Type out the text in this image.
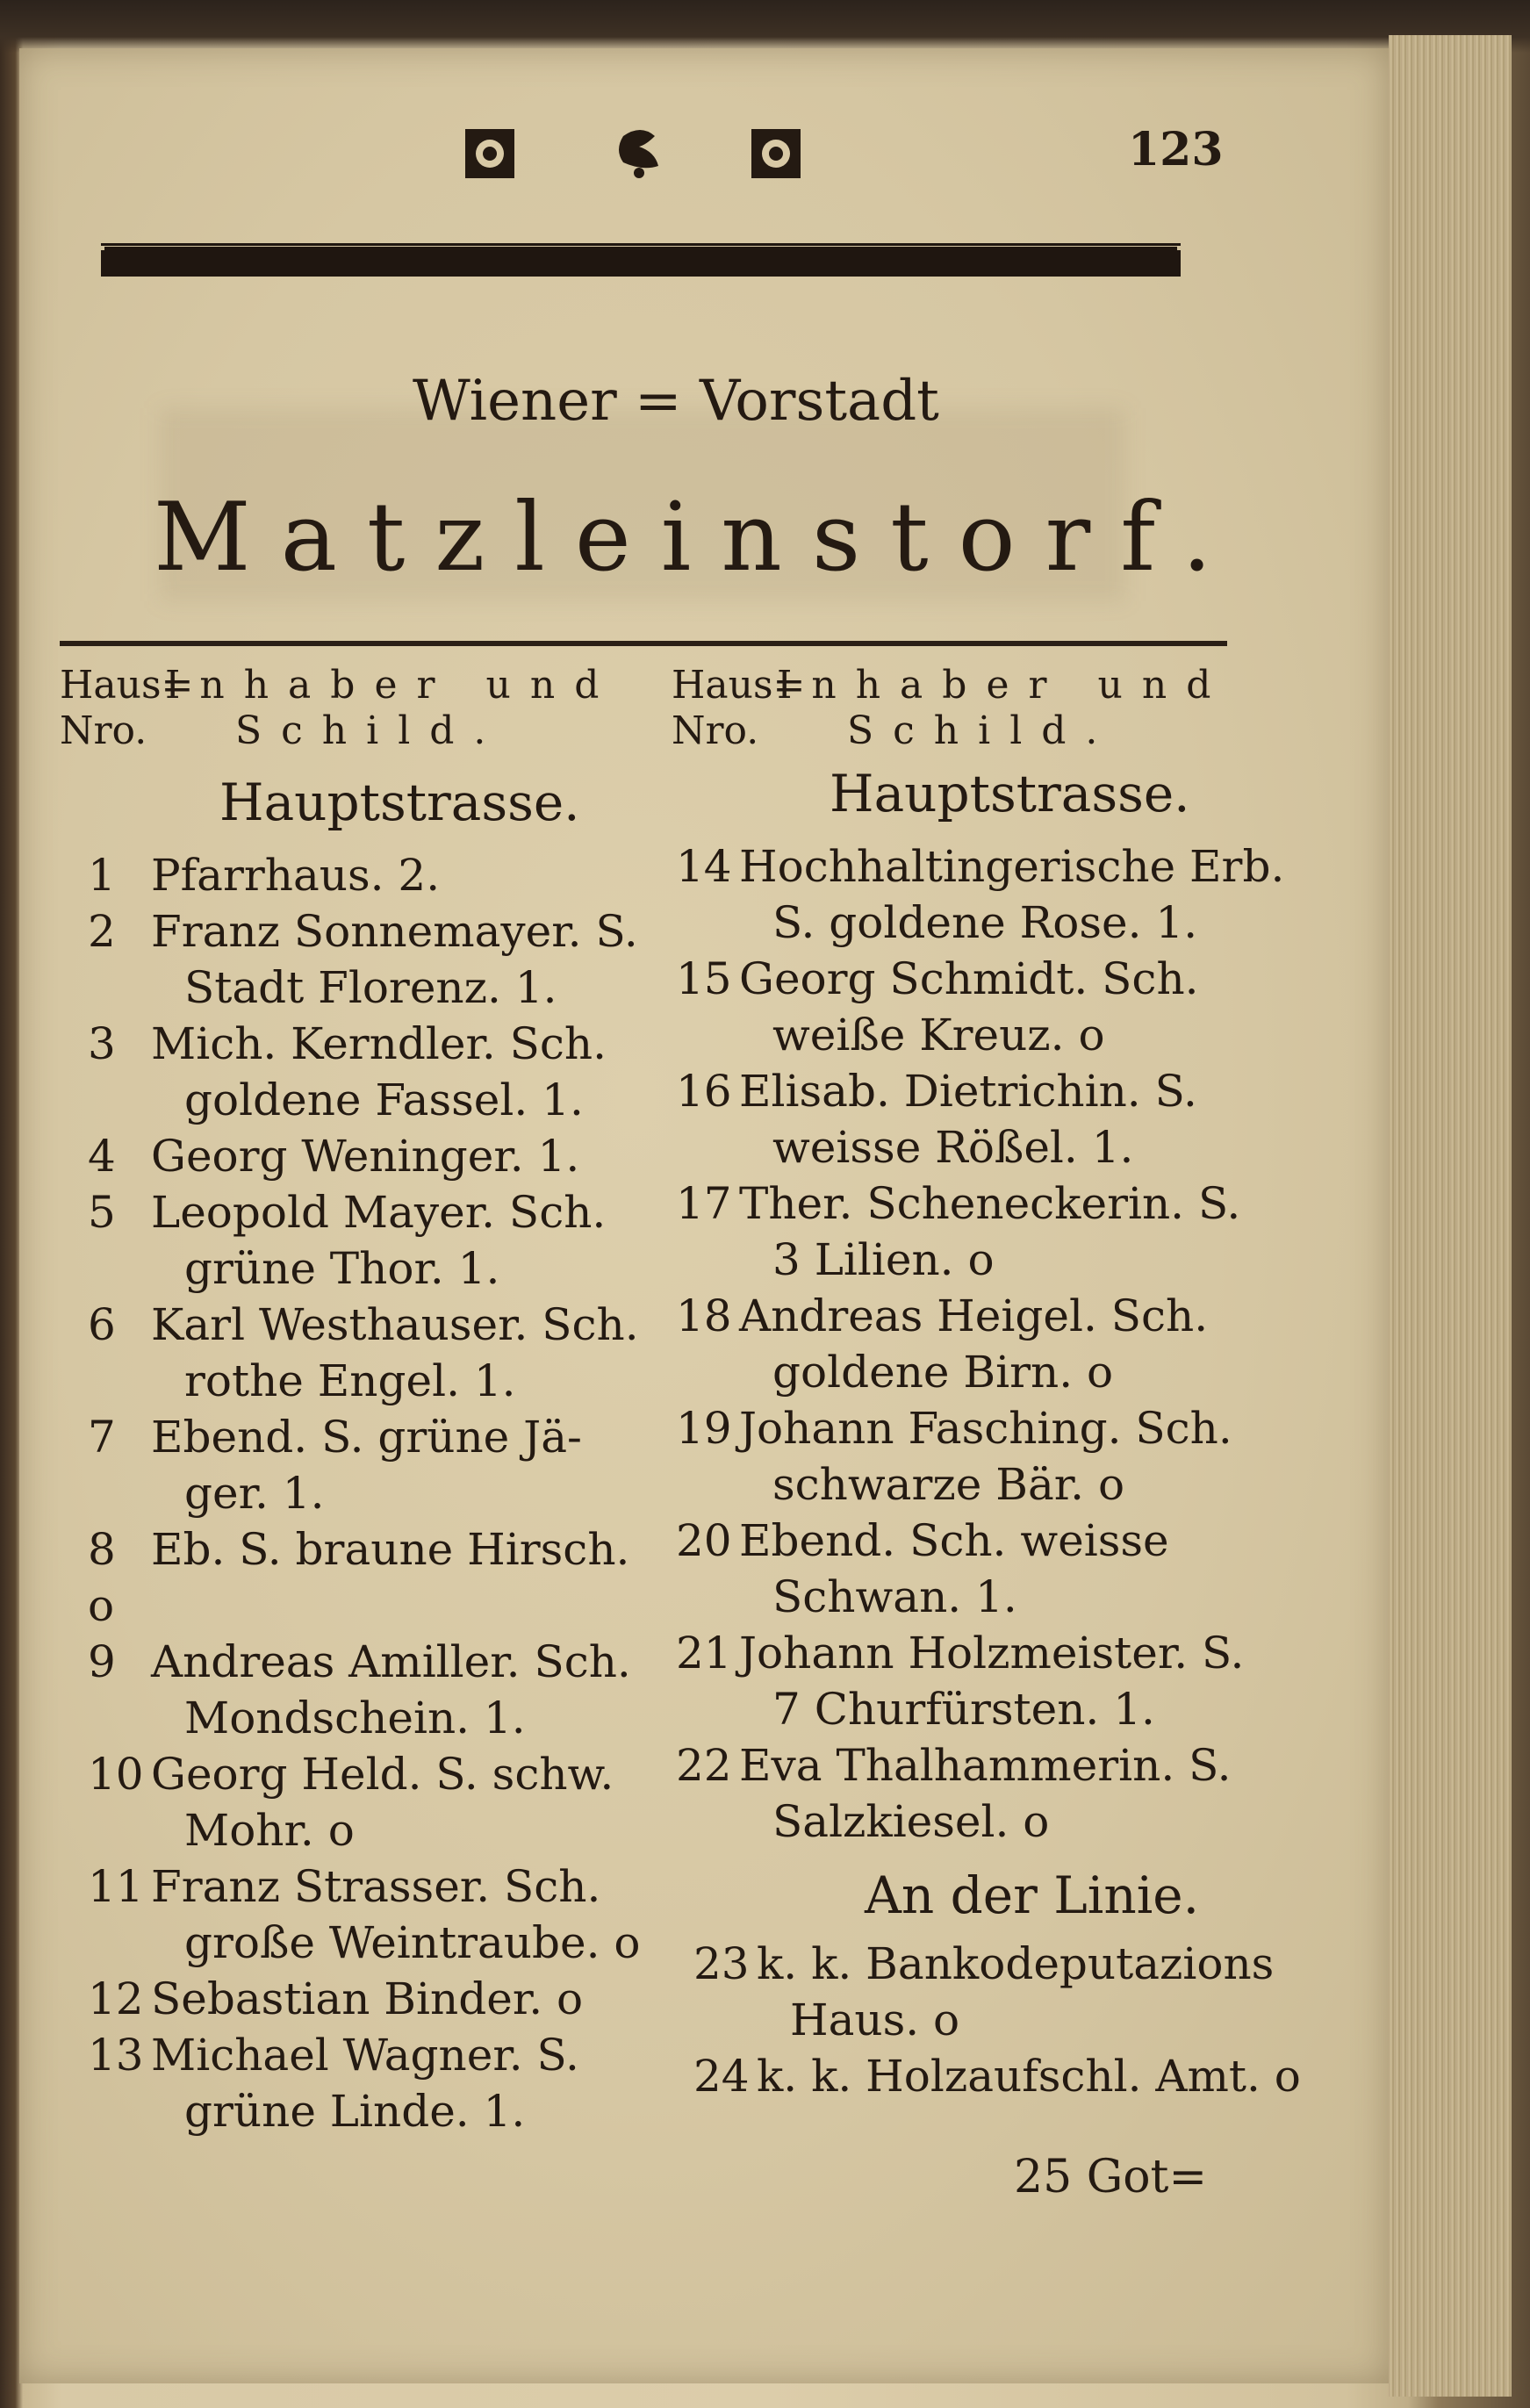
123
Wiener = Vorstadt
Matzleinstorf.
Haus=Inhaber und
Nro. Schild.
Haus=Inhaber und
Nro. Schild.
Hauptstrasse.	Hauptstrasse.
1 Pfarrhaus. 2.
2 Franz Sonnemayer. S.
Stadt Florenz. 1.
3 Mich. Kerndler. Sch.
goldene Fassel. 1.
4 Georg Weninger. 1.
5 Leopold Mayer. Sch.
grüne Thor. 1.
6 Karl Westhauser. Sch.
rothe Engel. 1.
7 Ebend. S. grüne Jä-
ger. 1.
8 Eb. S. braune Hirsch. o
9 Andreas Amiller. Sch.
Mondschein. 1.
10 Georg Held. S. schw.
Mohr. o
11 Franz Strasser. Sch.
große Weintraube. o
12 Sebastian Binder. o
13 Michael Wagner. S.
grüne Linde. 1.
14 Hochhaltingerische Erb.
S. goldene Rose. 1.
15 Georg Schmidt. Sch.
weiße Kreuz. o
16 Elisab. Dietrichin. S.
weisse Rößel. 1.
17 Ther. Scheneckerin. S.
3 Lilien. o
18 Andreas Heigel. Sch.
goldene Birn. o
19 Johann Fasching. Sch.
schwarze Bär. o
20 Ebend. Sch. weisse
Schwan. 1.
21 Johann Holzmeister. S.
7 Churfürsten. 1.
22 Eva Thalhammerin. S.
Salzkiesel. o
An der Linie.
23 k. k. Bankodeputazions
Haus. o
24 k. k. Holzaufschl. Amt. o
25 Got=
